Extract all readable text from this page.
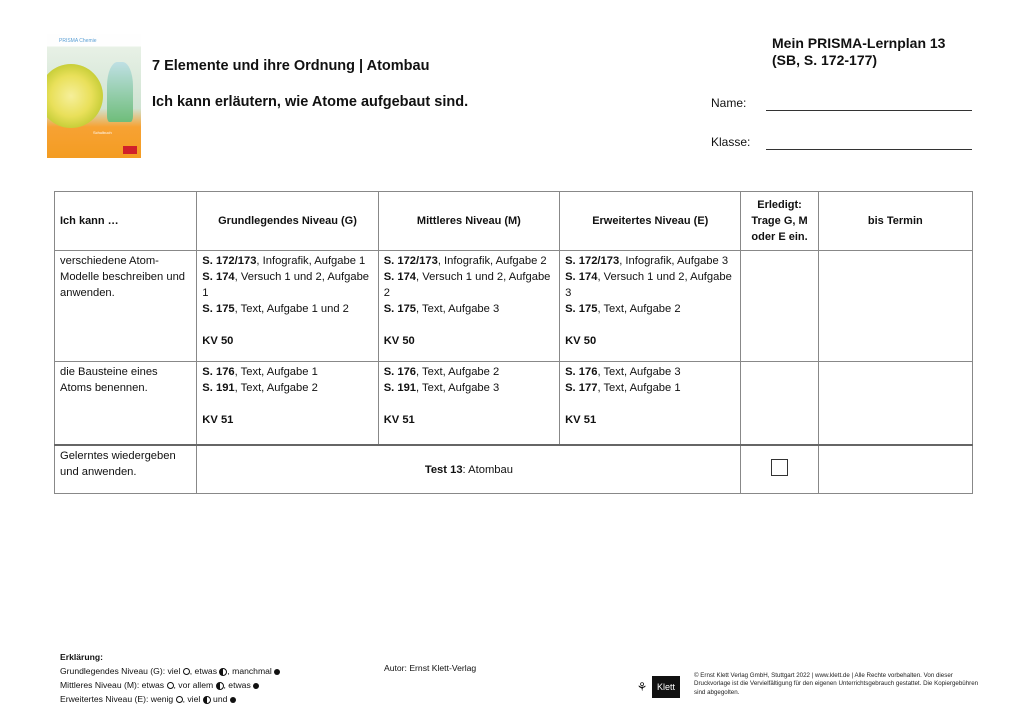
PRISMA Chemie
Schulbuch
7 Elemente und ihre Ordnung | Atombau
Ich kann erläutern, wie Atome aufgebaut sind.
Mein PRISMA-Lernplan 13
(SB, S. 172-177)
Name:
Klasse:
Ich kann …	Grundlegendes Niveau (G)	Mittleres Niveau (M)	Erweitertes Niveau (E)	Erledigt: Trage G, M oder E ein.	bis Termin
verschiedene Atom-Modelle beschreiben und anwenden.	S. 172/173, Infografik, Aufgabe 1
S. 174, Versuch 1 und 2, Aufgabe 1
S. 175, Text, Aufgabe 1 und 2
KV 50	S. 172/173, Infografik, Aufgabe 2
S. 174, Versuch 1 und 2, Aufgabe 2
S. 175, Text, Aufgabe 3
KV 50	S. 172/173, Infografik, Aufgabe 3
S. 174, Versuch 1 und 2, Aufgabe 3
S. 175, Text, Aufgabe 2
KV 50		

die Bausteine eines Atoms benennen.	S. 176, Text, Aufgabe 1
S. 191, Text, Aufgabe 2
KV 51	S. 176, Text, Aufgabe 2
S. 191, Text, Aufgabe 3
KV 51	S. 176, Text, Aufgabe 3
S. 177, Text, Aufgabe 1
KV 51		

Gelerntes wiedergeben und anwenden.	Test 13: Atombau				
Erklärung:
Grundlegendes Niveau (G): viel , etwas , manchmal
Mittleres Niveau (M): etwas , vor allem , etwas
Erweitertes Niveau (E): wenig , viel  und
Autor: Ernst Klett-Verlag
⚘	Klett
© Ernst Klett Verlag GmbH, Stuttgart 2022 | www.klett.de | Alle Rechte vorbehalten. Von dieser Druckvorlage ist die Vervielfältigung für den eigenen Unterrichtsgebrauch gestattet. Die Kopiergebühren sind abgegolten.
